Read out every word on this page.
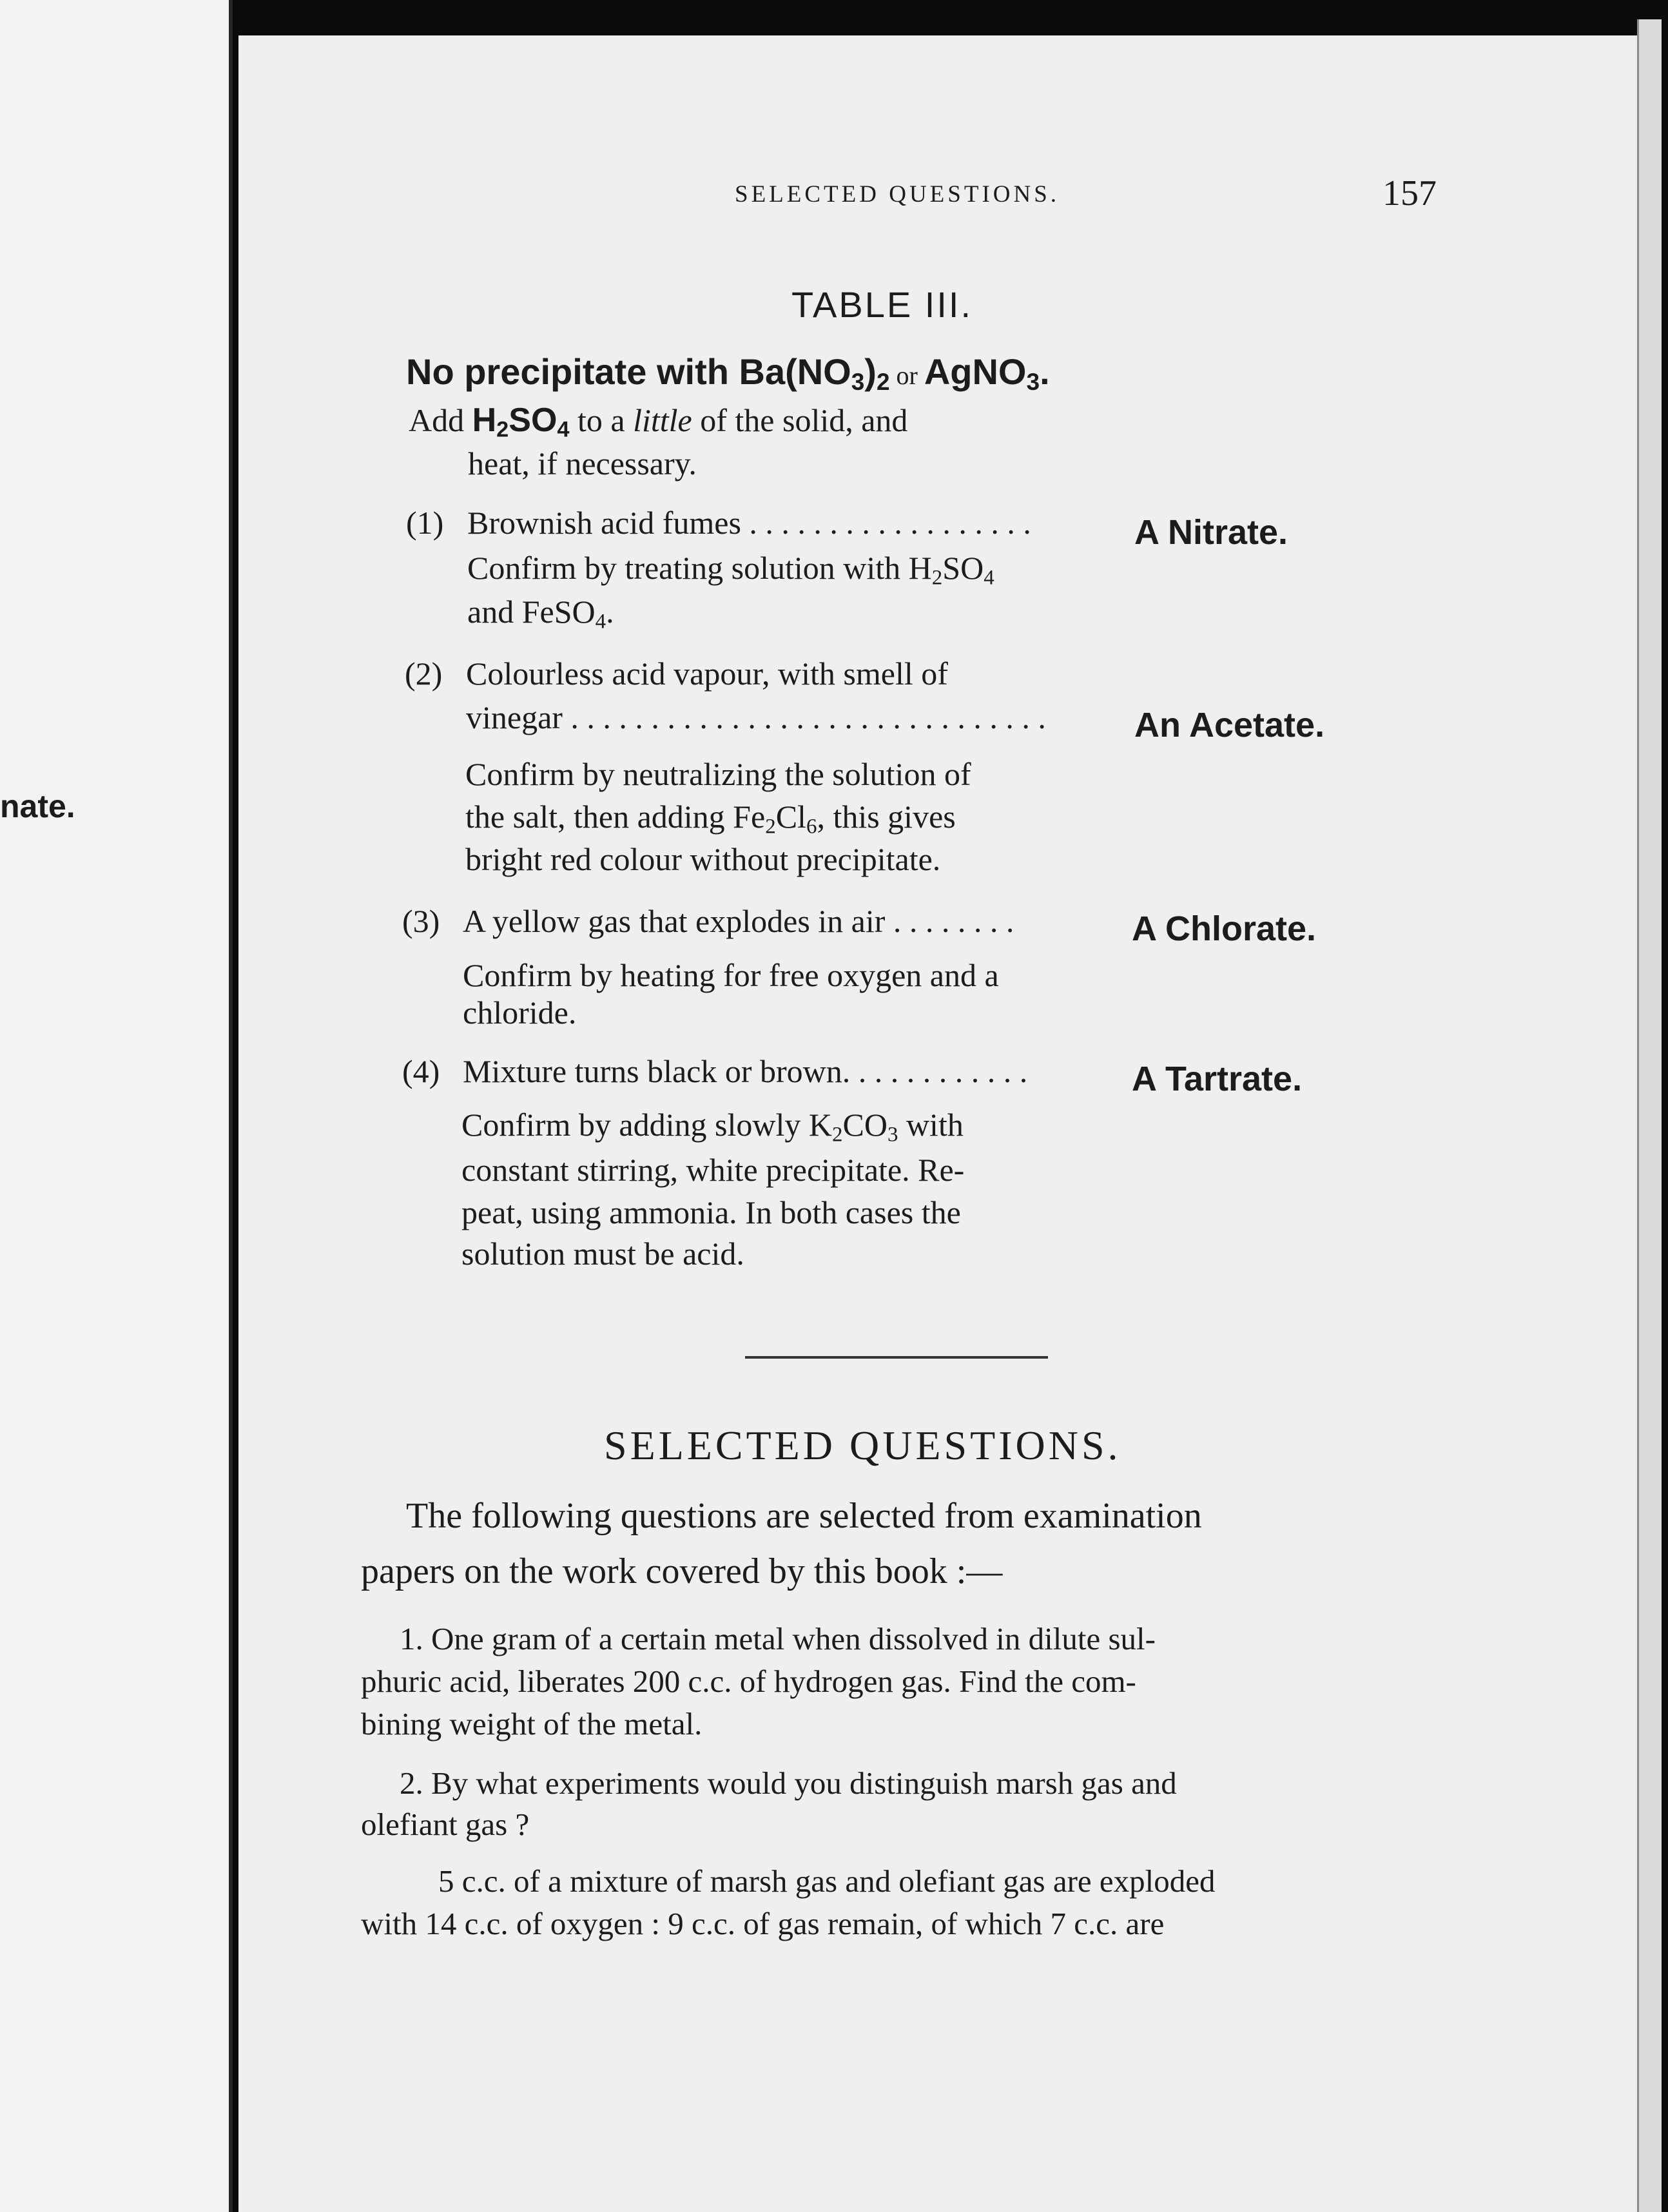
nate.
SELECTED QUESTIONS.	157
TABLE III.
No precipitate with $Ba(NO_3)_2$ or AgNO$_3$.
Add $H_2SO_4$ to a little of the solid, and
heat, if necessary.
(1) Brownish acid fumes . . . . . . . . . . . . . . . . . .	A Nitrate.
Confirm by treating solution with $H_2SO_4$
and FeSO$_4$.
(2) Colourless acid vapour, with smell of
vinegar . . . . . . . . . . . . . . . . . . . . . . . . . . . . . .	An Acetate.
Confirm by neutralizing the solution of
the salt, then adding $Fe_2Cl_6$, this gives
bright red colour without precipitate.
(3) A yellow gas that explodes in air . . . . . . . .	A Chlorate.
Confirm by heating for free oxygen and a
chloride.
(4) Mixture turns black or brown. . . . . . . . . . . .	A Tartrate.
Confirm by adding slowly $K_2CO_3$ with
constant stirring, white precipitate. Re-
peat, using ammonia. In both cases the
solution must be acid.
SELECTED QUESTIONS.
The following questions are selected from examination
papers on the work covered by this book :—
1. One gram of a certain metal when dissolved in dilute sul-
phuric acid, liberates 200 c.c. of hydrogen gas. Find the com-
bining weight of the metal.
2. By what experiments would you distinguish marsh gas and
olefiant gas ?
5 c.c. of a mixture of marsh gas and olefiant gas are exploded
with 14 c.c. of oxygen : 9 c.c. of gas remain, of which 7 c.c. are
